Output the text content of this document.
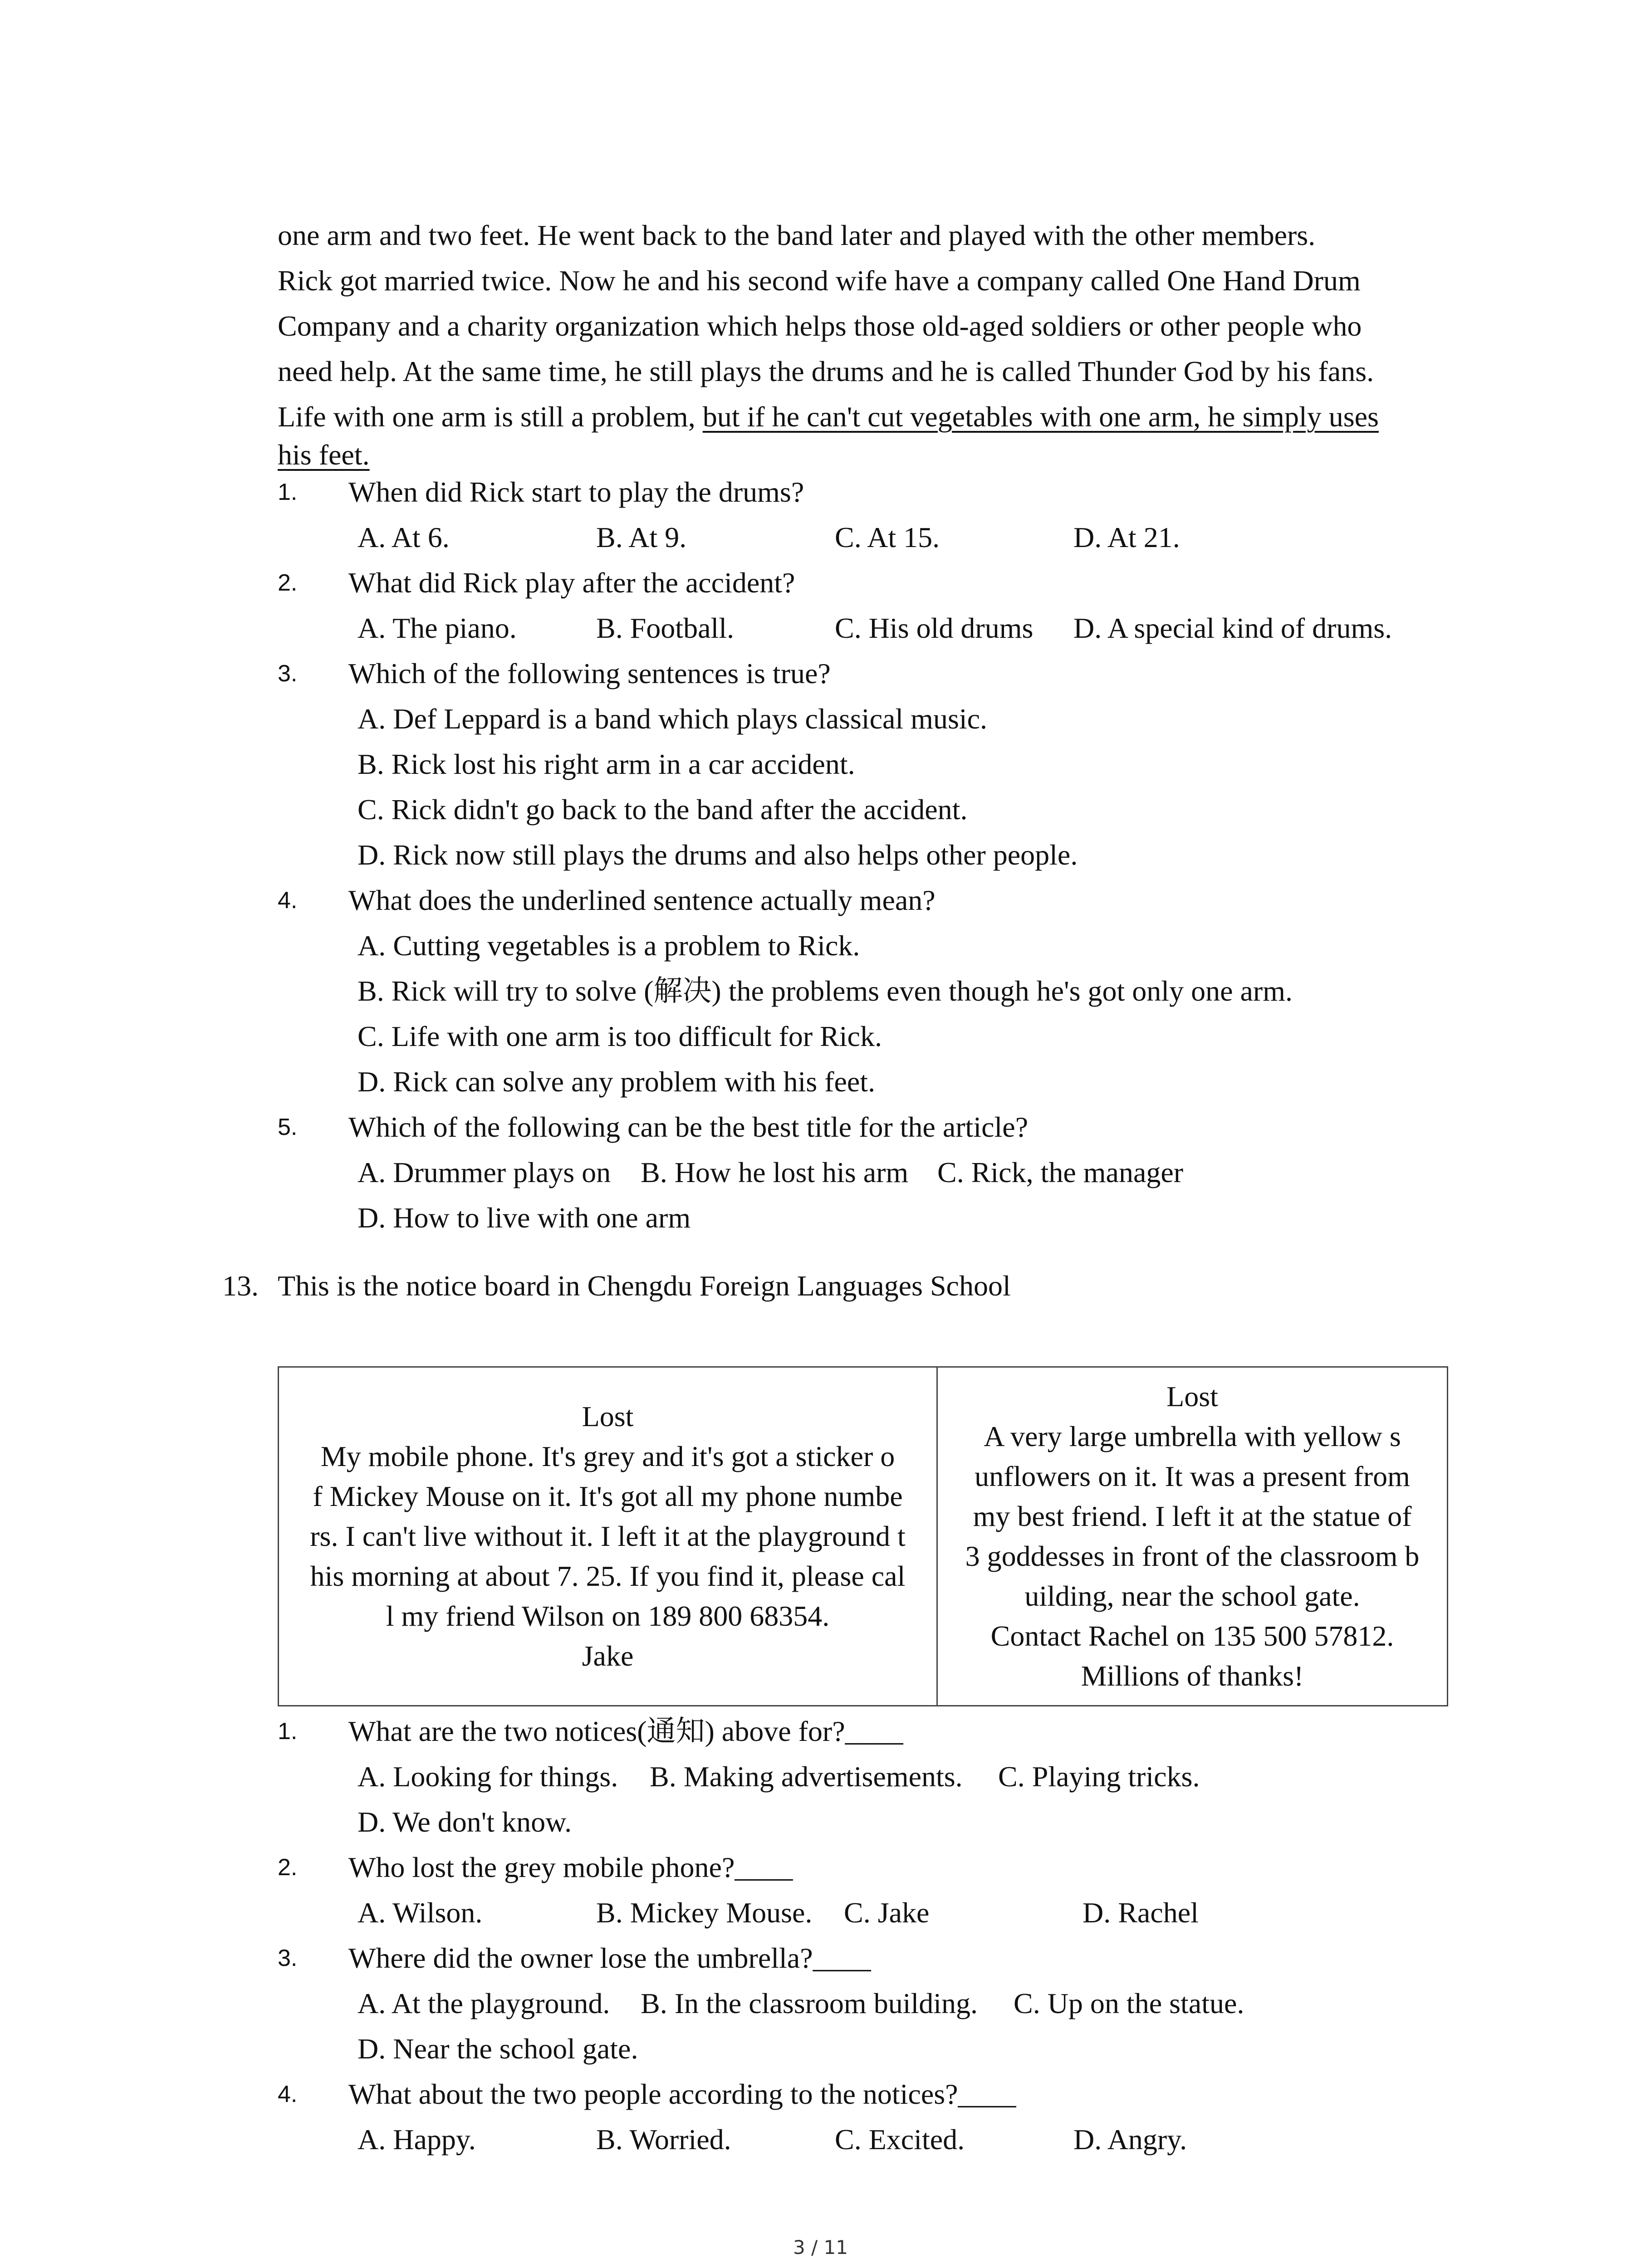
one arm and two feet. He went back to the band later and played with the other members.
Rick got married twice. Now he and his second wife have a company called One Hand Drum
Company and a charity organization which helps those old-aged soldiers or other people who
need help. At the same time, he still plays the drums and he is called Thunder God by his fans.
Life with one arm is still a problem, but if he can't cut vegetables with one arm, he simply uses
his feet.
1.	When did Rick start to play the drums?
A. At 6.	B. At 9.	C. At 15.	D. At 21.
2.	What did Rick play after the accident?
A. The piano.	B. Football.	C. His old drums D. A special kind of drums.
3.	Which of the following sentences is true?
A. Def Leppard is a band which plays classical music.
B. Rick lost his right arm in a car accident.
C. Rick didn't go back to the band after the accident.
D. Rick now still plays the drums and also helps other people.
4.	What does the underlined sentence actually mean?
A. Cutting vegetables is a problem to Rick.
B. Rick will try to solve (解决) the problems even though he's got only one arm.
C. Life with one arm is too difficult for Rick.
D. Rick can solve any problem with his feet.
5.	Which of the following can be the best title for the article?
A. Drummer plays on B. How he lost his arm C. Rick, the manager
D. How to live with one arm
13. This is the notice board in Chengdu Foreign Languages School
Lost
My mobile phone. It's grey and it's got a sticker o
f Mickey Mouse on it. It's got all my phone numbe
rs. I can't live without it. I left it at the playground t
his morning at about 7. 25. If you find it, please cal
l my friend Wilson on 189 800 68354.
Jake
Lost
A very large umbrella with yellow s
unflowers on it. It was a present from
my best friend. I left it at the statue of
3 goddesses in front of the classroom b
uilding, near the school gate.
Contact Rachel on 135 500 57812.
Millions of thanks!
1.	What are the two notices(通知) above for?____
A. Looking for things. B. Making advertisements. C. Playing tricks.
D. We don't know.
2.	Who lost the grey mobile phone?____
A. Wilson.	B. Mickey Mouse. C. Jake	D. Rachel
3.	Where did the owner lose the umbrella?____
A. At the playground. B. In the classroom building. C. Up on the statue.
D. Near the school gate.
4.	What about the two people according to the notices?____
A. Happy.	B. Worried.	C. Excited.	D. Angry.
3 / 11
